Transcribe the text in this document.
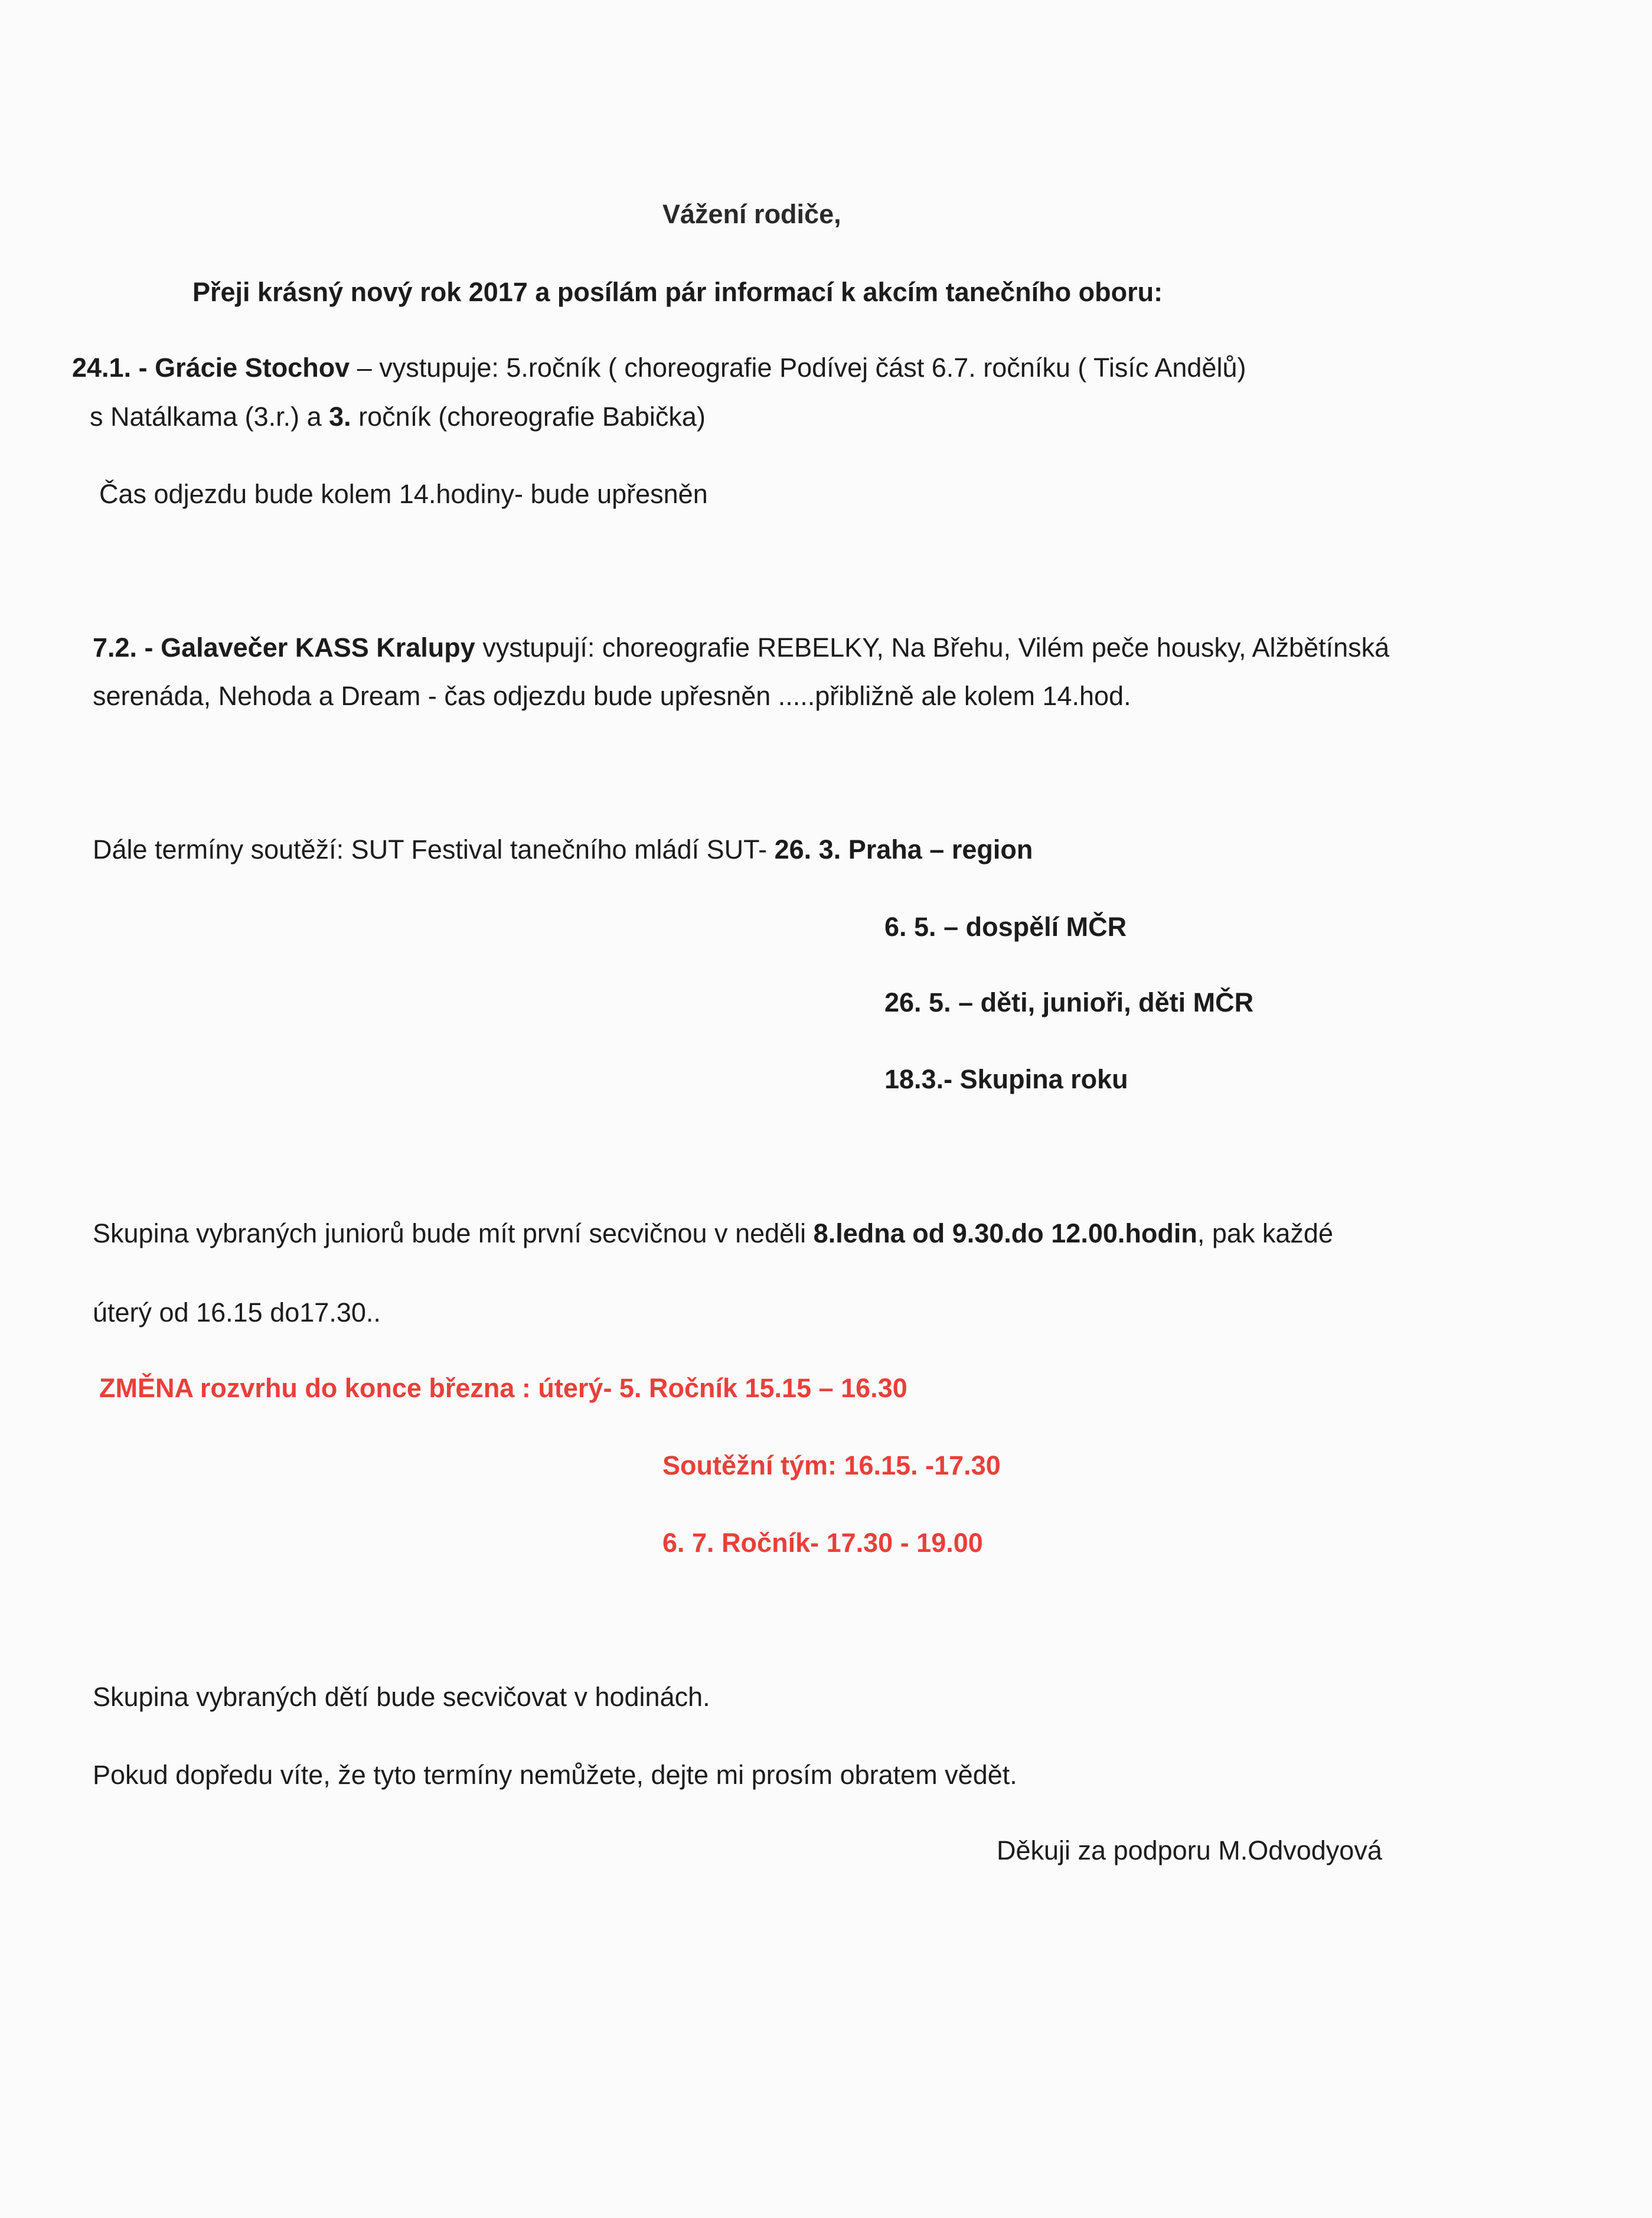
Vážení rodiče,
Přeji krásný nový rok 2017 a posílám pár informací k akcím tanečního oboru:
24.1. - Grácie Stochov – vystupuje: 5.ročník ( choreografie Podívej část 6.7. ročníku ( Tisíc Andělů)
s Natálkama (3.r.) a 3. ročník (choreografie Babička)
Čas odjezdu bude kolem 14.hodiny- bude upřesněn
7.2. - Galavečer KASS Kralupy vystupují: choreografie REBELKY, Na Břehu, Vilém peče housky, Alžbětínská
serenáda, Nehoda a Dream - čas odjezdu bude upřesněn .....přibližně ale kolem 14.hod.
Dále termíny soutěží: SUT Festival tanečního mládí SUT- 26. 3. Praha – region
6. 5. – dospělí MČR
26. 5. – děti, junioři, děti MČR
18.3.- Skupina roku
Skupina vybraných juniorů bude mít první secvičnou v neděli 8.ledna od 9.30.do 12.00.hodin, pak každé
úterý od 16.15 do17.30..
ZMĚNA rozvrhu do konce března : úterý- 5. Ročník 15.15 – 16.30
Soutěžní tým: 16.15. -17.30
6. 7. Ročník- 17.30 - 19.00
Skupina vybraných dětí bude secvičovat v hodinách.
Pokud dopředu víte, že tyto termíny nemůžete, dejte mi prosím obratem vědět.
Děkuji za podporu M.Odvodyová
